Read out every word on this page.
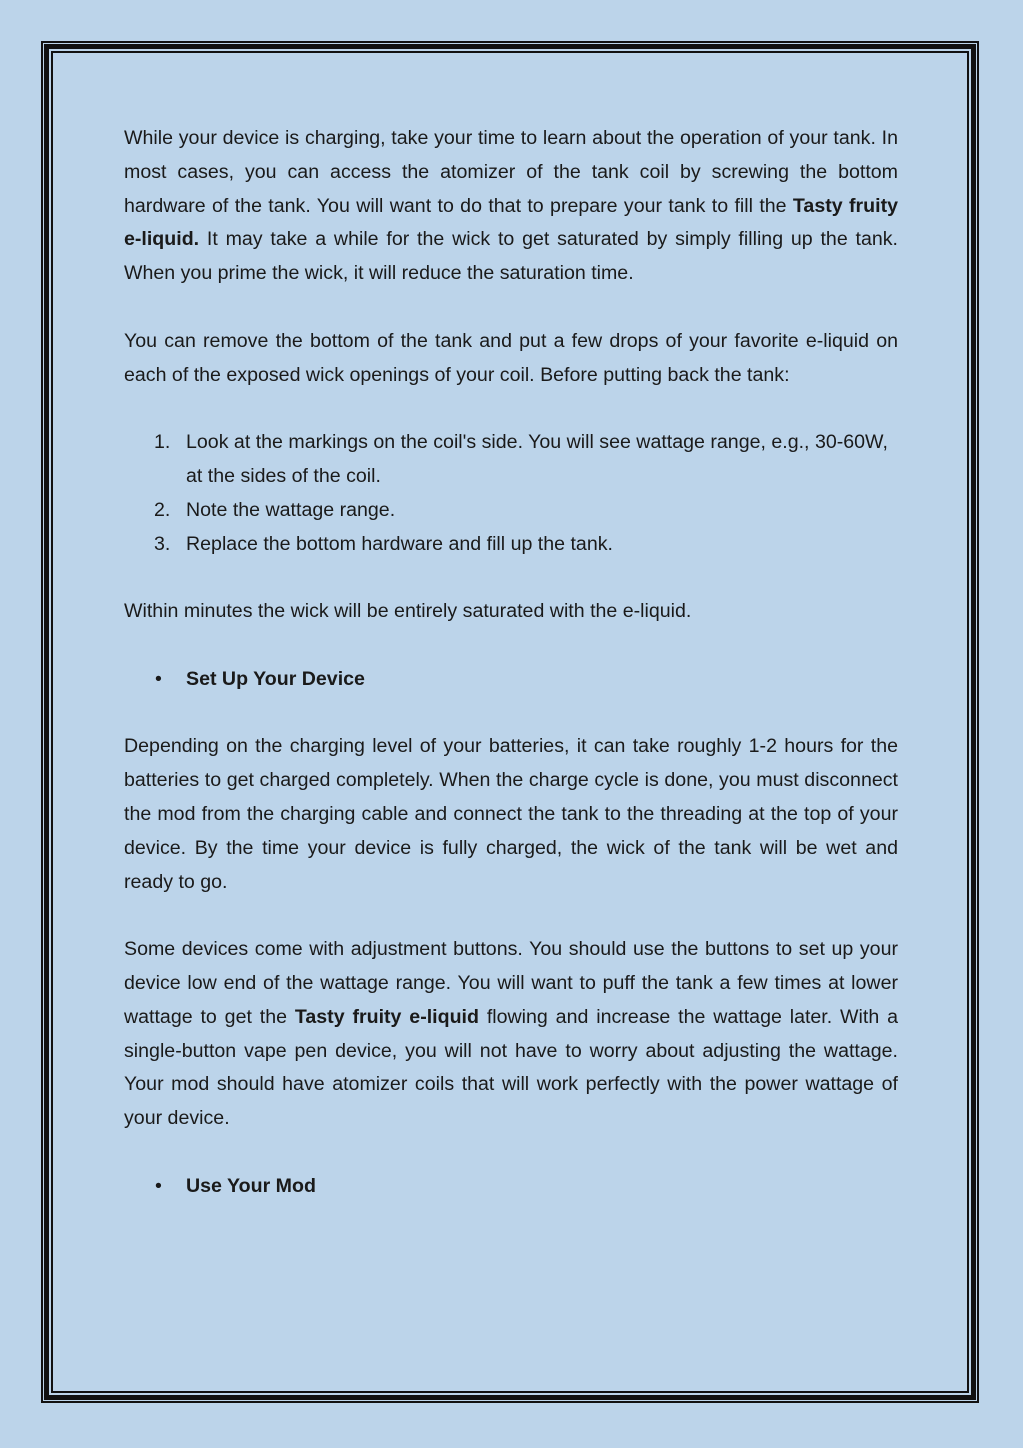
While your device is charging, take your time to learn about the operation of your tank. In most cases, you can access the atomizer of the tank coil by screwing the bottom hardware of the tank. You will want to do that to prepare your tank to fill the Tasty fruity e-liquid. It may take a while for the wick to get saturated by simply filling up the tank. When you prime the wick, it will reduce the saturation time.

You can remove the bottom of the tank and put a few drops of your favorite e-liquid on each of the exposed wick openings of your coil. Before putting back the tank:

1. Look at the markings on the coil's side. You will see wattage range, e.g., 30-60W, at the sides of the coil.
2. Note the wattage range.
3. Replace the bottom hardware and fill up the tank.

Within minutes the wick will be entirely saturated with the e-liquid.

• Set Up Your Device

Depending on the charging level of your batteries, it can take roughly 1-2 hours for the batteries to get charged completely. When the charge cycle is done, you must disconnect the mod from the charging cable and connect the tank to the threading at the top of your device. By the time your device is fully charged, the wick of the tank will be wet and ready to go.

Some devices come with adjustment buttons. You should use the buttons to set up your device low end of the wattage range. You will want to puff the tank a few times at lower wattage to get the Tasty fruity e-liquid flowing and increase the wattage later. With a single-button vape pen device, you will not have to worry about adjusting the wattage. Your mod should have atomizer coils that will work perfectly with the power wattage of your device.

• Use Your Mod
